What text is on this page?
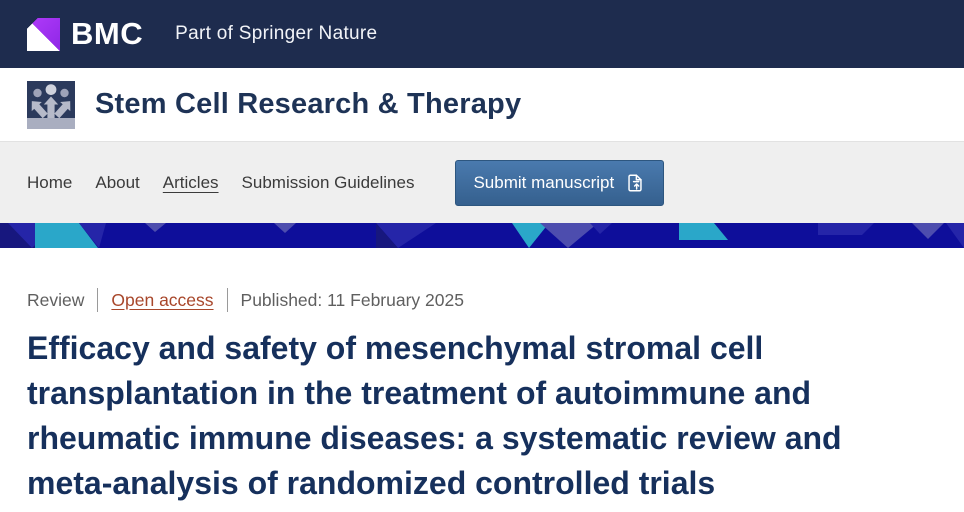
BMC Part of Springer Nature
Stem Cell Research & Therapy
Home About Articles Submission Guidelines	Submit manuscript
Review Open access Published: 11 February 2025
Efficacy and safety of mesenchymal stromal cell transplantation in the treatment of autoimmune and rheumatic immune diseases: a systematic review and meta-analysis of randomized controlled trials
